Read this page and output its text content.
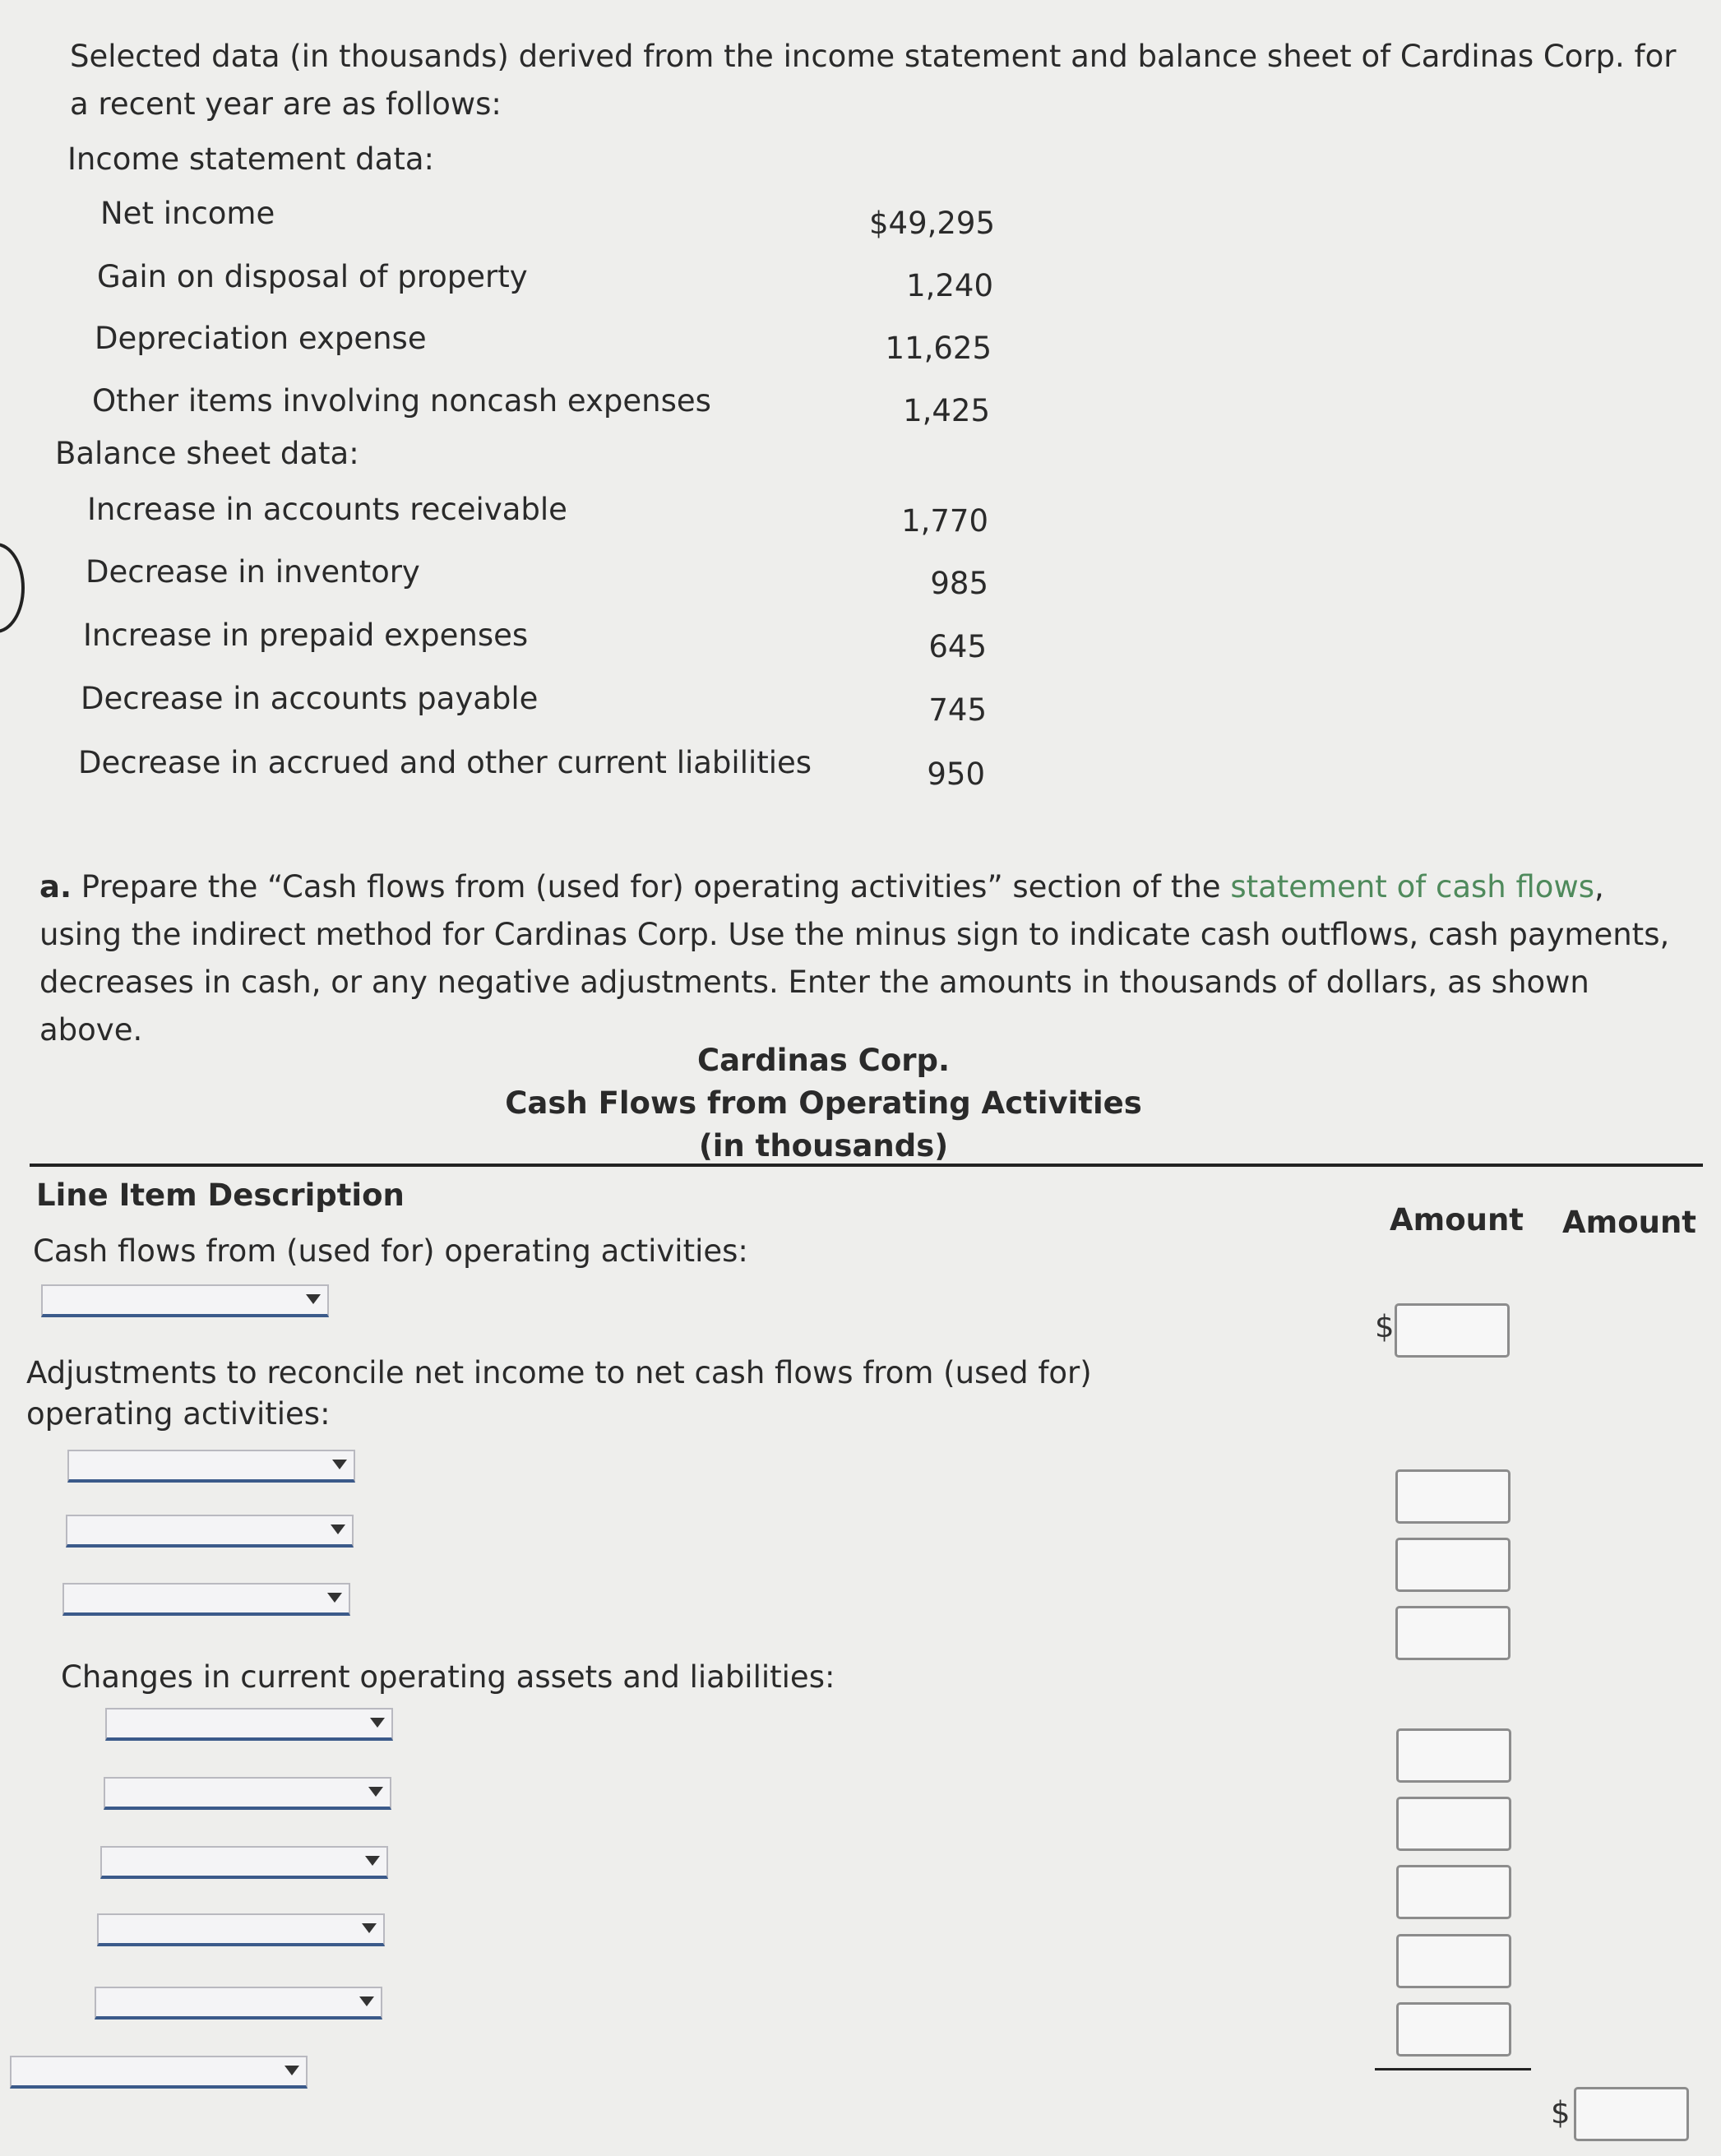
Selected data (in thousands) derived from the income statement and balance sheet of Cardinas Corp. for a recent year are as follows:
Income statement data:
Net income	$49,295
Gain on disposal of property	1,240
Depreciation expense	11,625
Other items involving noncash expenses	1,425
Balance sheet data:
Increase in accounts receivable	1,770
Decrease in inventory	985
Increase in prepaid expenses	645
Decrease in accounts payable	745
Decrease in accrued and other current liabilities	950
a. Prepare the “Cash flows from (used for) operating activities” section of the statement of cash flows, using the indirect method for Cardinas Corp. Use the minus sign to indicate cash outflows, cash payments, decreases in cash, or any negative adjustments. Enter the amounts in thousands of dollars, as shown above.
Cardinas Corp.
Cash Flows from Operating Activities
(in thousands)
Line Item Description
Amount Amount
Cash flows from (used for) operating activities:
$
Adjustments to reconcile net income to net cash flows from (used for) operating activities:
Changes in current operating assets and liabilities:
$
